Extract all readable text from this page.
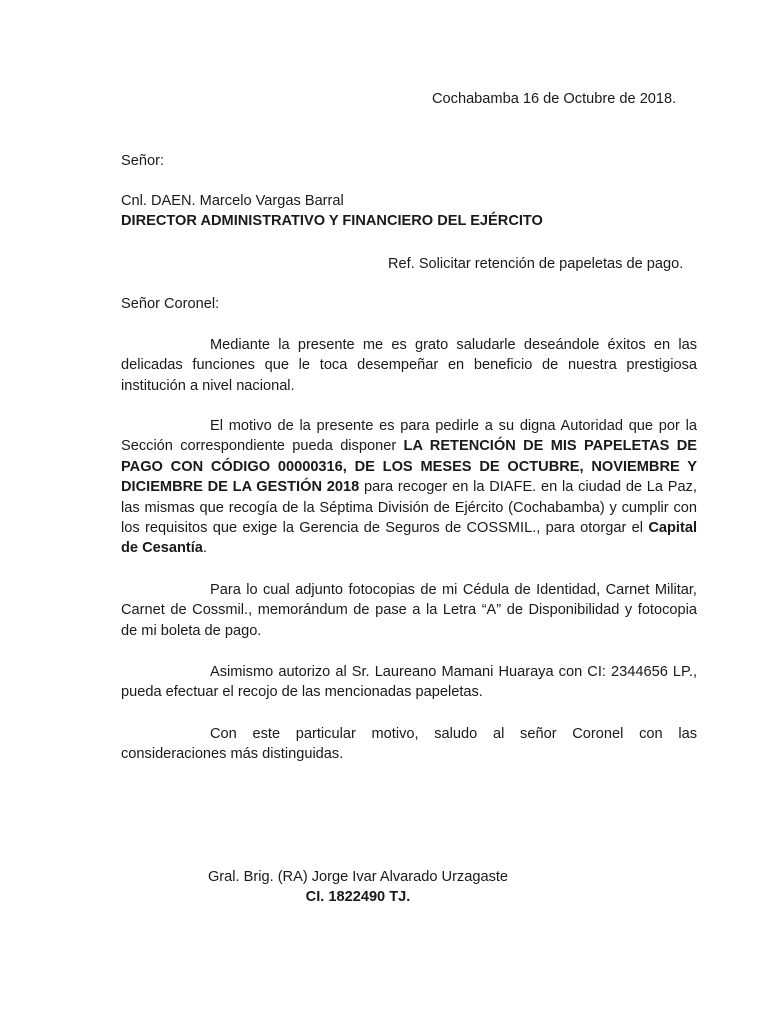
Cochabamba 16 de Octubre de 2018.
Señor:
Cnl. DAEN. Marcelo Vargas Barral
DIRECTOR ADMINISTRATIVO Y FINANCIERO DEL EJÉRCITO
Ref. Solicitar retención de papeletas de pago.
Señor Coronel:

Mediante la presente me es grato saludarle deseándole éxitos en las delicadas funciones que le toca desempeñar en beneficio de nuestra prestigiosa institución a nivel nacional.

El motivo de la presente es para pedirle a su digna Autoridad que por la Sección correspondiente pueda disponer LA RETENCIÓN DE MIS PAPELETAS DE PAGO CON CÓDIGO 00000316, DE LOS MESES DE OCTUBRE, NOVIEMBRE Y DICIEMBRE DE LA GESTIÓN 2018 para recoger en la DIAFE. en la ciudad de La Paz, las mismas que recogía de la Séptima División de Ejército (Cochabamba) y cumplir con los requisitos que exige la Gerencia de Seguros de COSSMIL., para otorgar el Capital de Cesantía.

Para lo cual adjunto fotocopias de mi Cédula de Identidad, Carnet Militar, Carnet de Cossmil., memorándum de pase a la Letra “A” de Disponibilidad y fotocopia de mi boleta de pago.

Asimismo autorizo al Sr. Laureano Mamani Huaraya con CI: 2344656 LP., pueda efectuar el recojo de las mencionadas papeletas.

Con este particular motivo, saludo al señor Coronel con las consideraciones más distinguidas.

Gral. Brig. (RA) Jorge Ivar Alvarado Urzagaste
CI. 1822490 TJ.
